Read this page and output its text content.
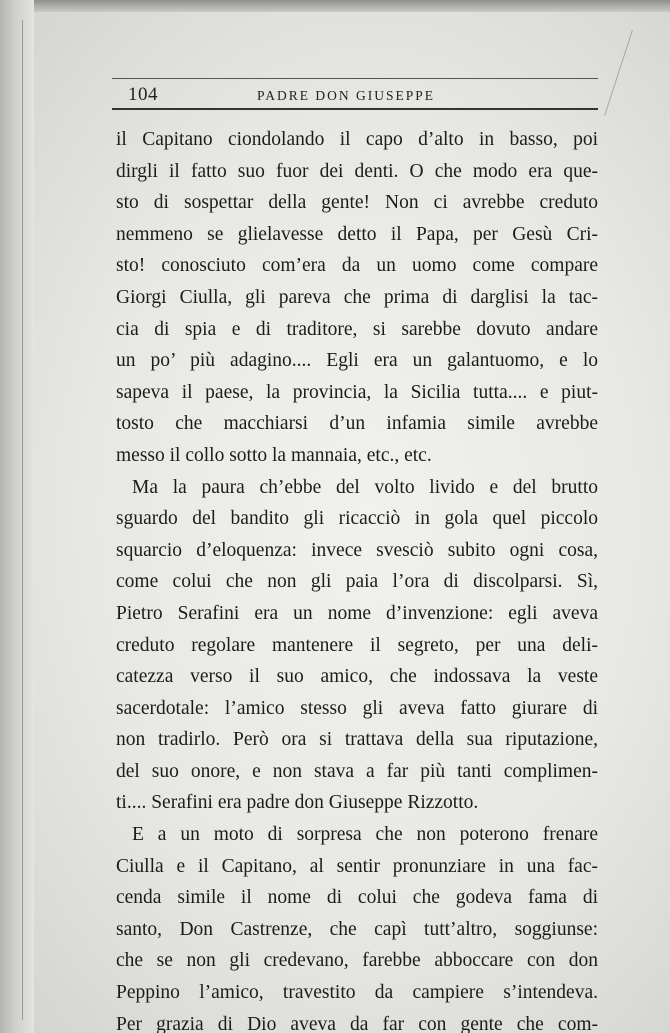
104	PADRE DON GIUSEPPE
il Capitano ciondolando il capo d’alto in basso, poi
dirgli il fatto suo fuor dei denti. O che modo era que-
sto di sospettar della gente! Non ci avrebbe creduto
nemmeno se glielavesse detto il Papa, per Gesù Cri-
sto! conosciuto com’era da un uomo come compare
Giorgi Ciulla, gli pareva che prima di darglisi la tac-
cia di spia e di traditore, si sarebbe dovuto andare
un po’ più adagino.... Egli era un galantuomo, e lo
sapeva il paese, la provincia, la Sicilia tutta.... e piut-
tosto che macchiarsi d’un infamia simile avrebbe
messo il collo sotto la mannaia, etc., etc.
Ma la paura ch’ebbe del volto livido e del brutto
sguardo del bandito gli ricacciò in gola quel piccolo
squarcio d’eloquenza: invece svesciò subito ogni cosa,
come colui che non gli paia l’ora di discolparsi. Sì,
Pietro Serafini era un nome d’invenzione: egli aveva
creduto regolare mantenere il segreto, per una deli-
catezza verso il suo amico, che indossava la veste
sacerdotale: l’amico stesso gli aveva fatto giurare di
non tradirlo. Però ora si trattava della sua riputazione,
del suo onore, e non stava a far più tanti complimen-
ti.... Serafini era padre don Giuseppe Rizzotto.
E a un moto di sorpresa che non poterono frenare
Ciulla e il Capitano, al sentir pronunziare in una fac-
cenda simile il nome di colui che godeva fama di
santo, Don Castrenze, che capì tutt’altro, soggiunse:
che se non gli credevano, farebbe abboccare con don
Peppino l’amico, travestito da campiere s’intendeva.
Per grazia di Dio aveva da far con gente che com-
